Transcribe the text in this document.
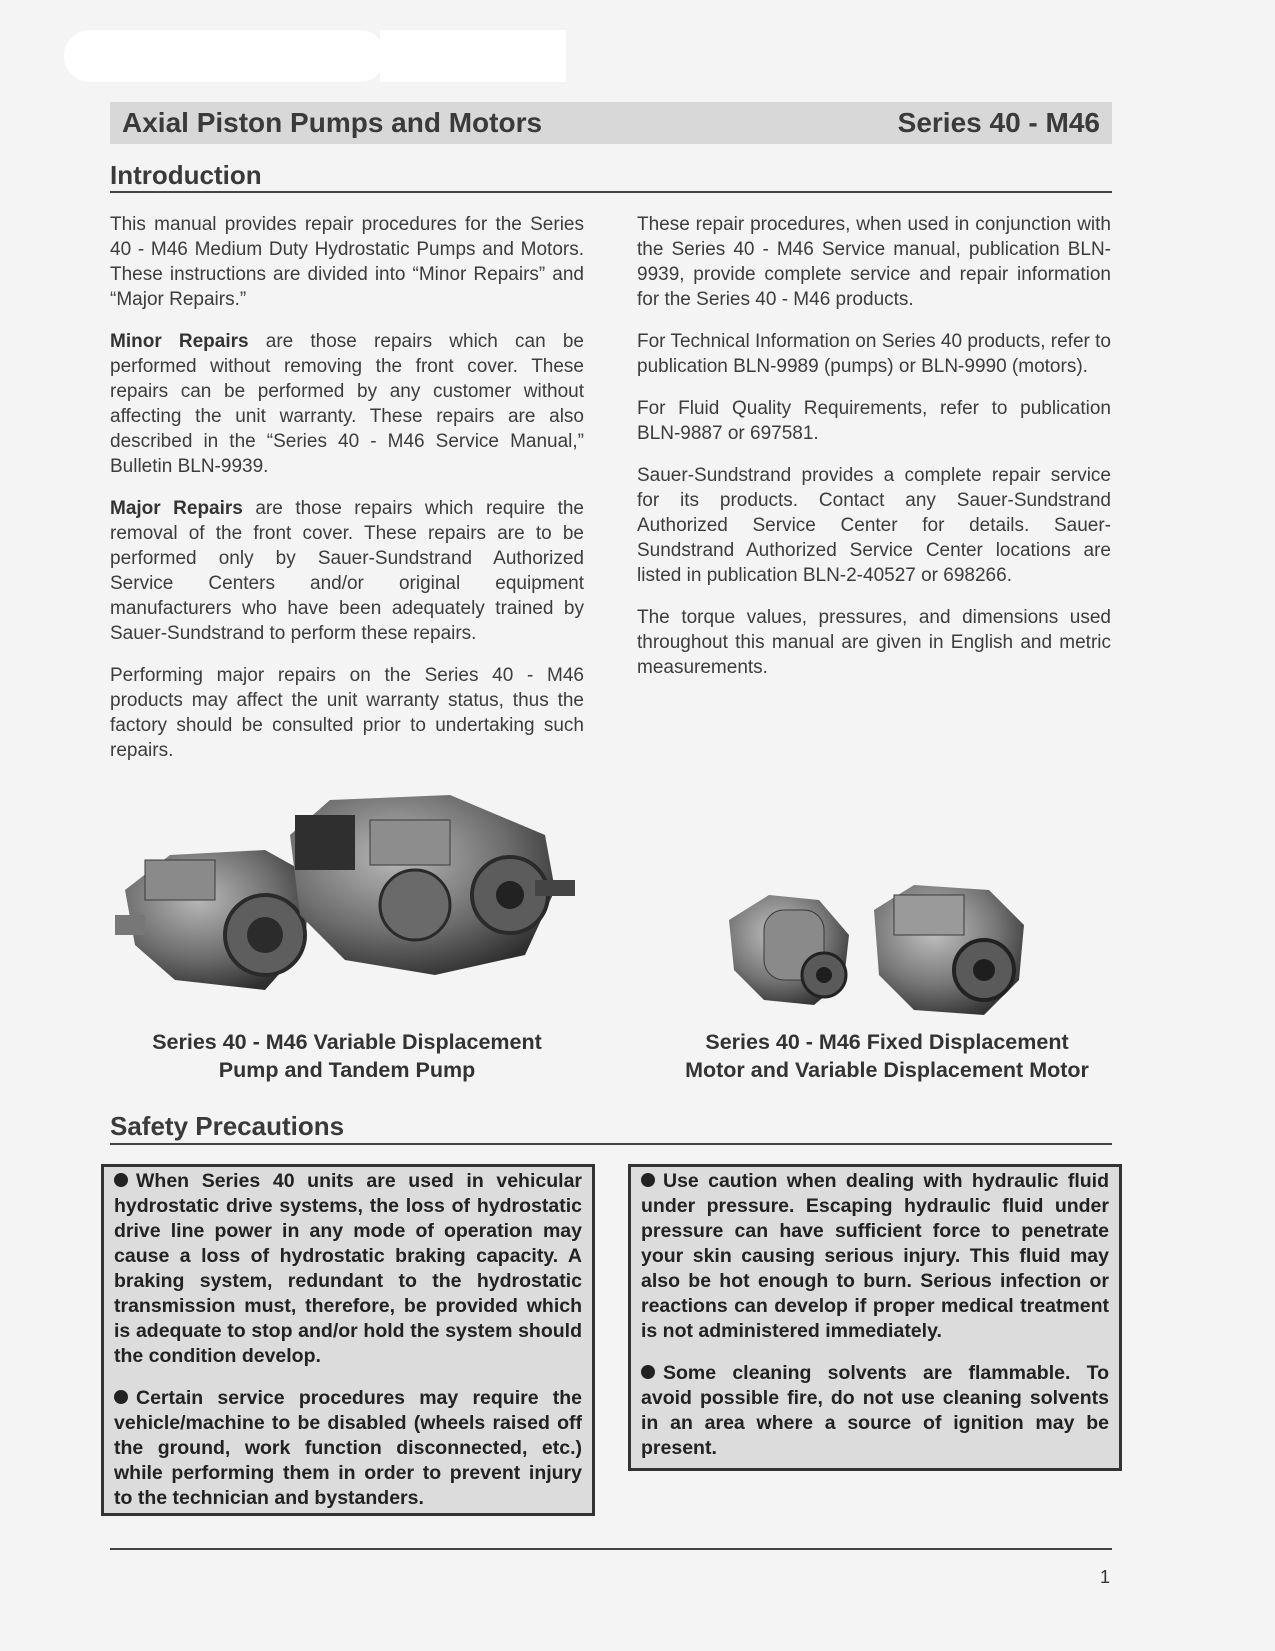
Axial Piston Pumps and Motors	Series 40 - M46
Introduction

This manual provides repair procedures for the Series 40 - M46 Medium Duty Hydrostatic Pumps and Motors. These instructions are divided into “Minor Repairs” and “Major Repairs.”

Minor Repairs are those repairs which can be performed without removing the front cover. These repairs can be performed by any customer without affecting the unit warranty. These repairs are also described in the “Series 40 - M46 Service Manual,” Bulletin BLN-9939.

Major Repairs are those repairs which require the removal of the front cover. These repairs are to be performed only by Sauer-Sundstrand Authorized Service Centers and/or original equipment manufacturers who have been adequately trained by Sauer-Sundstrand to perform these repairs.

Performing major repairs on the Series 40 - M46 products may affect the unit warranty status, thus the factory should be consulted prior to undertaking such repairs.

These repair procedures, when used in conjunction with the Series 40 - M46 Service manual, publication BLN-9939, provide complete service and repair information for the Series 40 - M46 products.

For Technical Information on Series 40 products, refer to publication BLN-9989 (pumps) or BLN-9990 (motors).

For Fluid Quality Requirements, refer to publication BLN-9887 or 697581.

Sauer-Sundstrand provides a complete repair service for its products. Contact any Sauer-Sundstrand Authorized Service Center for details. Sauer-Sundstrand Authorized Service Center locations are listed in publication BLN-2-40527 or 698266.

The torque values, pressures, and dimensions used throughout this manual are given in English and metric measurements.

Series 40 - M46 Variable Displacement
Pump and Tandem Pump
Series 40 - M46 Fixed Displacement
Motor and Variable Displacement Motor
Safety Precautions

When Series 40 units are used in vehicular hydrostatic drive systems, the loss of hydrostatic drive line power in any mode of operation may cause a loss of hydrostatic braking capacity. A braking system, redundant to the hydrostatic transmission must, therefore, be provided which is adequate to stop and/or hold the system should the condition develop.

Certain service procedures may require the vehicle/machine to be disabled (wheels raised off the ground, work function disconnected, etc.) while performing them in order to prevent injury to the technician and bystanders.

Use caution when dealing with hydraulic fluid under pressure. Escaping hydraulic fluid under pressure can have sufficient force to penetrate your skin causing serious injury. This fluid may also be hot enough to burn. Serious infection or reactions can develop if proper medical treatment is not administered immediately.

Some cleaning solvents are flammable. To avoid possible fire, do not use cleaning solvents in an area where a source of ignition may be present.

1
